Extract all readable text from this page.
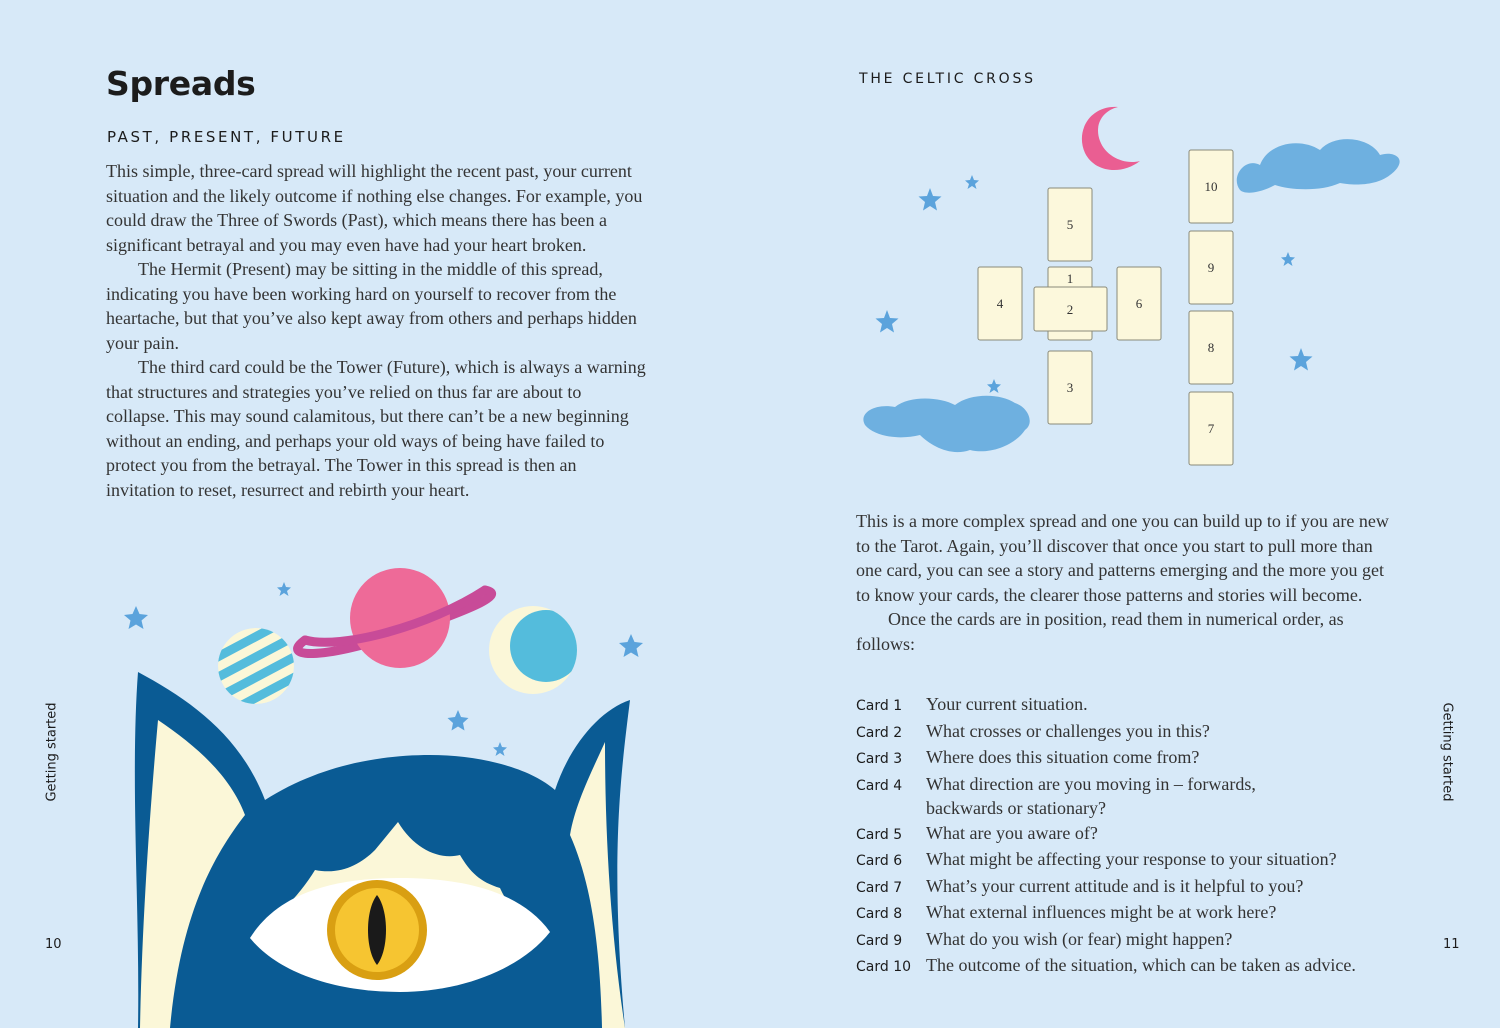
Spreads
PAST, PRESENT, FUTURE

This simple, three-card spread will highlight the recent past, your current situation and the likely outcome if nothing else changes. For example, you could draw the Three of Swords (Past), which means there has been a significant betrayal and you may even have had your heart broken.

The Hermit (Present) may be sitting in the middle of this spread, indicating you have been working hard on yourself to recover from the heartache, but that you’ve also kept away from others and perhaps hidden your pain.

The third card could be the Tower (Future), which is always a warning that structures and strategies you’ve relied on thus far are about to collapse. This may sound calamitous, but there can’t be a new beginning without an ending, and perhaps your old ways of being have failed to protect you from the betrayal. The Tower in this spread is then an invitation to reset, resurrect and rebirth your heart.

Getting started
10
THE CELTIC CROSS
1
2
3
4
5
6
7
8
9
10

This is a more complex spread and one you can build up to if you are new to the Tarot. Again, you’ll discover that once you start to pull more than one card, you can see a story and patterns emerging and the more you get to know your cards, the clearer those patterns and stories will become.

Once the cards are in position, read them in numerical order, as follows:

Card 1	Your current situation.
Card 2	What crosses or challenges you in this?
Card 3	Where does this situation come from?
Card 4	What direction are you moving in – forwards, backwards or stationary?
Card 5	What are you aware of?
Card 6	What might be affecting your response to your situation?
Card 7	What’s your current attitude and is it helpful to you?
Card 8	What external influences might be at work here?
Card 9	What do you wish (or fear) might happen?
Card 10 The outcome of the situation, which can be taken as advice.
Getting started
11
